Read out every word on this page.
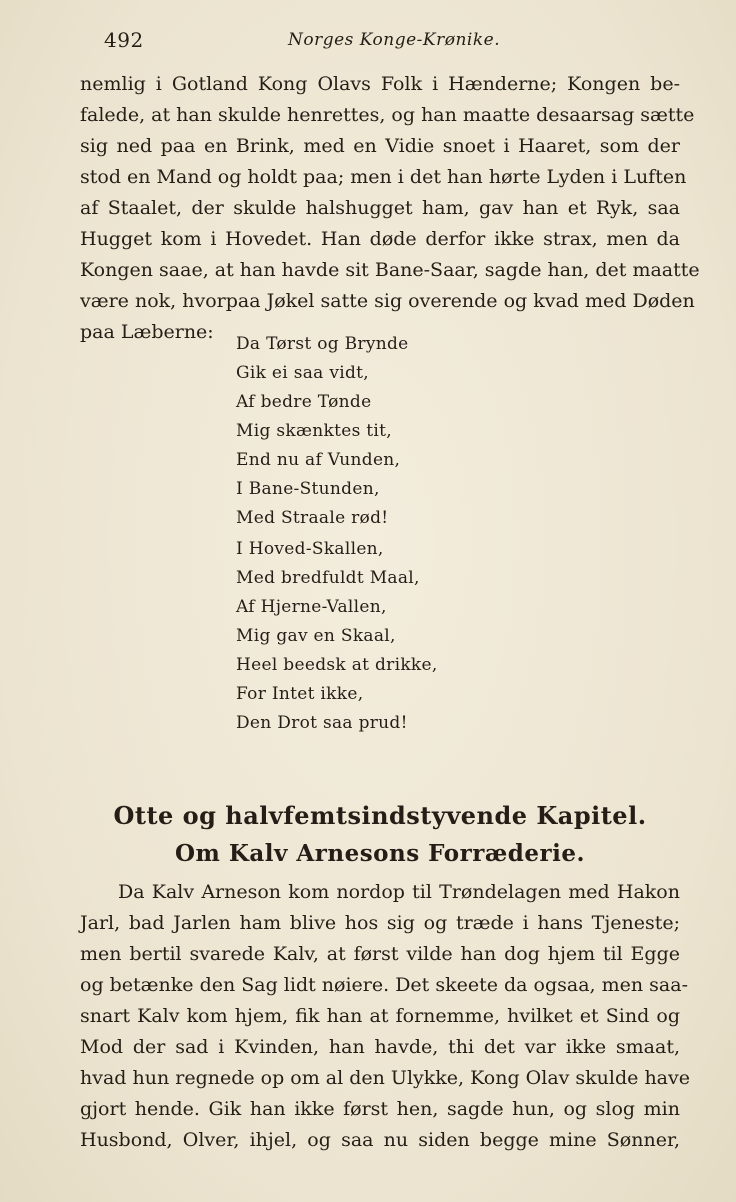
492	Norges Konge-Krønike.
nemlig i Gotland Kong Olavs Folk i Hænderne; Kongen be-
falede, at han skulde henrettes, og han maatte desaarsag sætte
sig ned paa en Brink, med en Vidie snoet i Haaret, som der
stod en Mand og holdt paa; men i det han hørte Lyden i Luften
af Staalet, der skulde halshugget ham, gav han et Ryk, saa
Hugget kom i Hovedet. Han døde derfor ikke strax, men da
Kongen saae, at han havde sit Bane-Saar, sagde han, det maatte
være nok, hvorpaa Jøkel satte sig overende og kvad med Døden
paa Læberne:
Da Tørst og Brynde
Gik ei saa vidt,
Af bedre Tønde
Mig skænktes tit,
End nu af Vunden,
I Bane-Stunden,
Med Straale rød!
I Hoved-Skallen,
Med bredfuldt Maal,
Af Hjerne-Vallen,
Mig gav en Skaal,
Heel beedsk at drikke,
For Intet ikke,
Den Drot saa prud!
Otte og halvfemtsindstyvende Kapitel.
Om Kalv Arnesons Forræderie.
Da Kalv Arneson kom nordop til Trøndelagen med Hakon
Jarl, bad Jarlen ham blive hos sig og træde i hans Tjeneste;
men bertil svarede Kalv, at først vilde han dog hjem til Egge
og betænke den Sag lidt nøiere. Det skeete da ogsaa, men saa-
snart Kalv kom hjem, fik han at fornemme, hvilket et Sind og
Mod der sad i Kvinden, han havde, thi det var ikke smaat,
hvad hun regnede op om al den Ulykke, Kong Olav skulde have
gjort hende. Gik han ikke først hen, sagde hun, og slog min
Husbond, Olver, ihjel, og saa nu siden begge mine Sønner,
